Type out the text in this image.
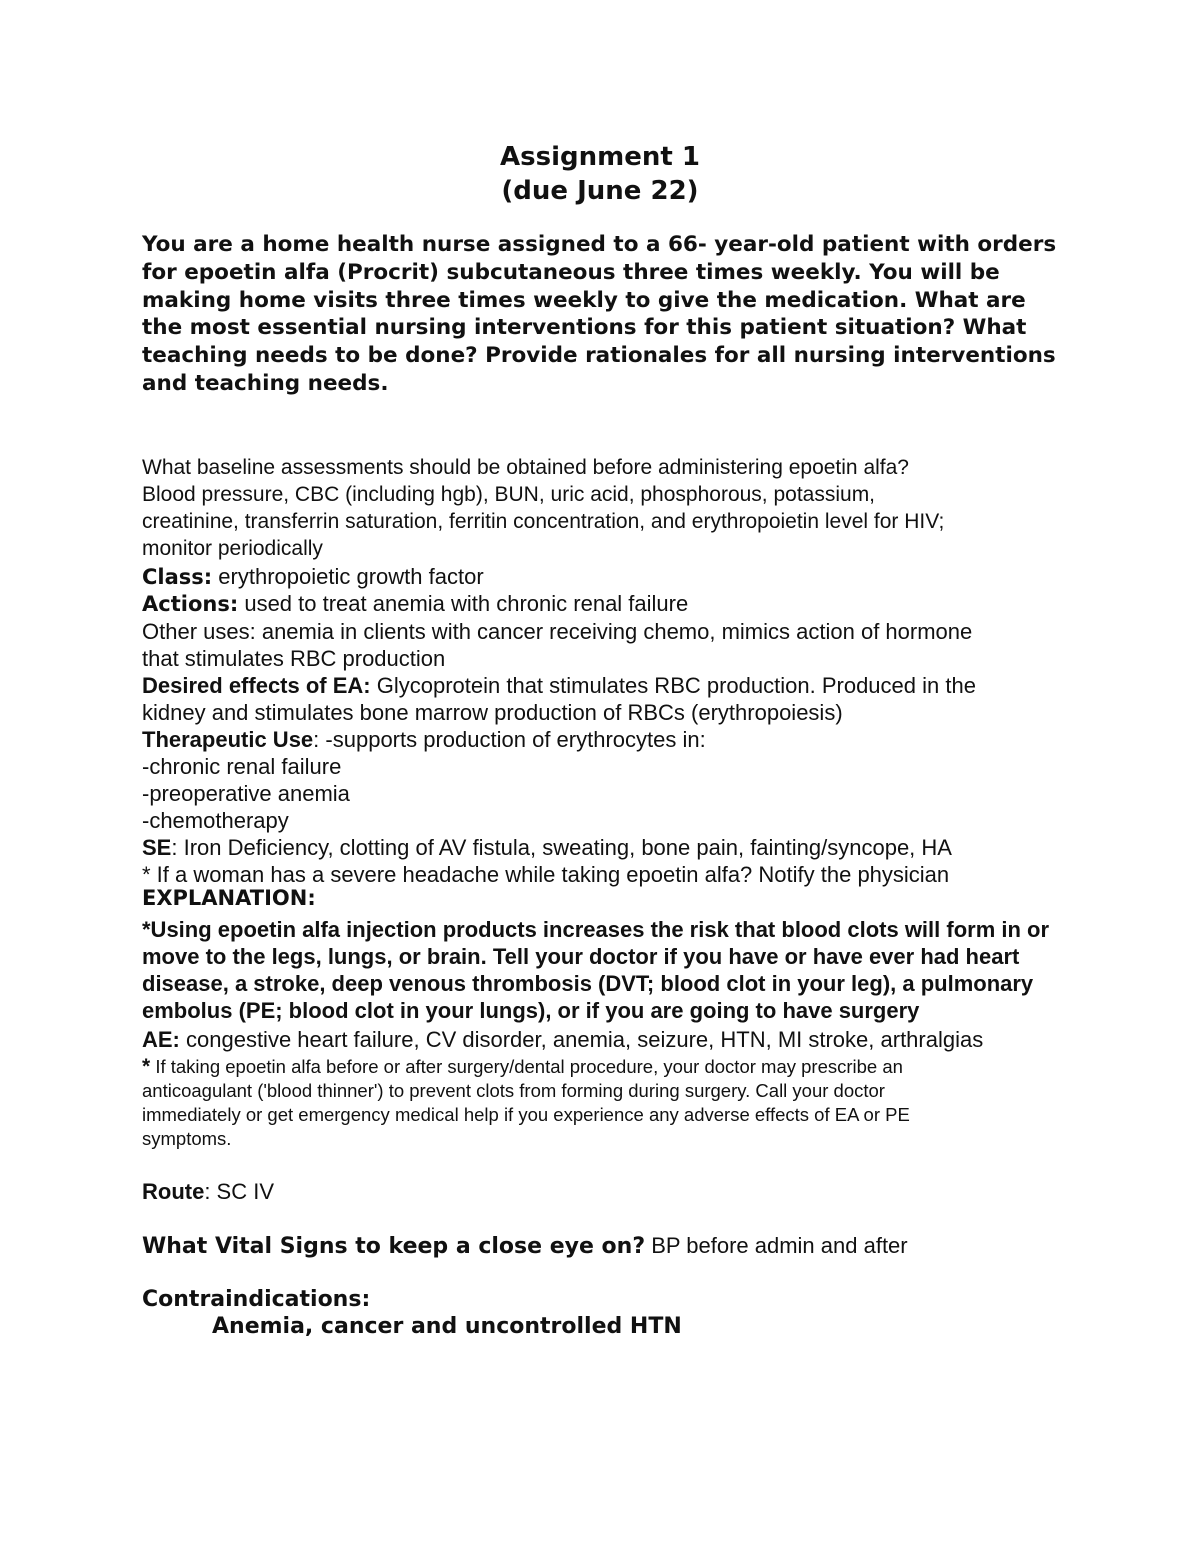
Assignment 1
(due June 22)
You are a home health nurse assigned to a 66- year-old patient with orders
for epoetin alfa (Procrit) subcutaneous three times weekly. You will be
making home visits three times weekly to give the medication. What are
the most essential nursing interventions for this patient situation? What
teaching needs to be done? Provide rationales for all nursing interventions
and teaching needs.
What baseline assessments should be obtained before administering epoetin alfa?
Blood pressure, CBC (including hgb), BUN, uric acid, phosphorous, potassium,
creatinine, transferrin saturation, ferritin concentration, and erythropoietin level for HIV;
monitor periodically
Class: erythropoietic growth factor
Actions: used to treat anemia with chronic renal failure
Other uses: anemia in clients with cancer receiving chemo, mimics action of hormone
that stimulates RBC production
Desired effects of EA: Glycoprotein that stimulates RBC production. Produced in the
kidney and stimulates bone marrow production of RBCs (erythropoiesis)
Therapeutic Use: -supports production of erythrocytes in:
-chronic renal failure
-preoperative anemia
-chemotherapy
SE: Iron Deficiency, clotting of AV fistula, sweating, bone pain, fainting/syncope, HA
* If a woman has a severe headache while taking epoetin alfa? Notify the physician
EXPLANATION:
*Using epoetin alfa injection products increases the risk that blood clots will form in or
move to the legs, lungs, or brain. Tell your doctor if you have or have ever had heart
disease, a stroke, deep venous thrombosis (DVT; blood clot in your leg), a pulmonary
embolus (PE; blood clot in your lungs), or if you are going to have surgery
AE: congestive heart failure, CV disorder, anemia, seizure, HTN, MI stroke, arthralgias
* If taking epoetin alfa before or after surgery/dental procedure, your doctor may prescribe an
anticoagulant ('blood thinner') to prevent clots from forming during surgery. Call your doctor
immediately or get emergency medical help if you experience any adverse effects of EA or PE
symptoms.
Route: SC IV
What Vital Signs to keep a close eye on? BP before admin and after
Contraindications:
Anemia, cancer and uncontrolled HTN
